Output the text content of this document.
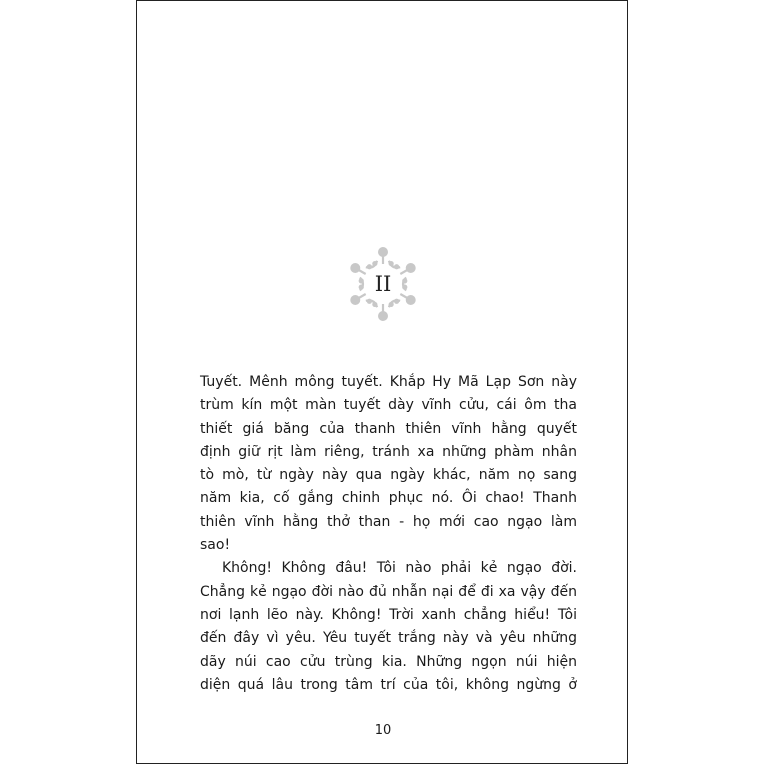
II

Tuyết. Mênh mông tuyết. Khắp Hy Mã Lạp Sơn này
trùm kín một màn tuyết dày vĩnh cửu, cái ôm tha
thiết giá băng của thanh thiên vĩnh hằng quyết
định giữ rịt làm riêng, tránh xa những phàm nhân
tò mò, từ ngày này qua ngày khác, năm nọ sang
năm kia, cố gắng chinh phục nó. Ôi chao! Thanh
thiên vĩnh hằng thở than - họ mới cao ngạo làm
sao!

Không! Không đâu! Tôi nào phải kẻ ngạo đời.
Chẳng kẻ ngạo đời nào đủ nhẫn nại để đi xa vậy đến
nơi lạnh lẽo này. Không! Trời xanh chẳng hiểu! Tôi
đến đây vì yêu. Yêu tuyết trắng này và yêu những
dãy núi cao cửu trùng kia. Những ngọn núi hiện
diện quá lâu trong tâm trí của tôi, không ngừng ở

10
